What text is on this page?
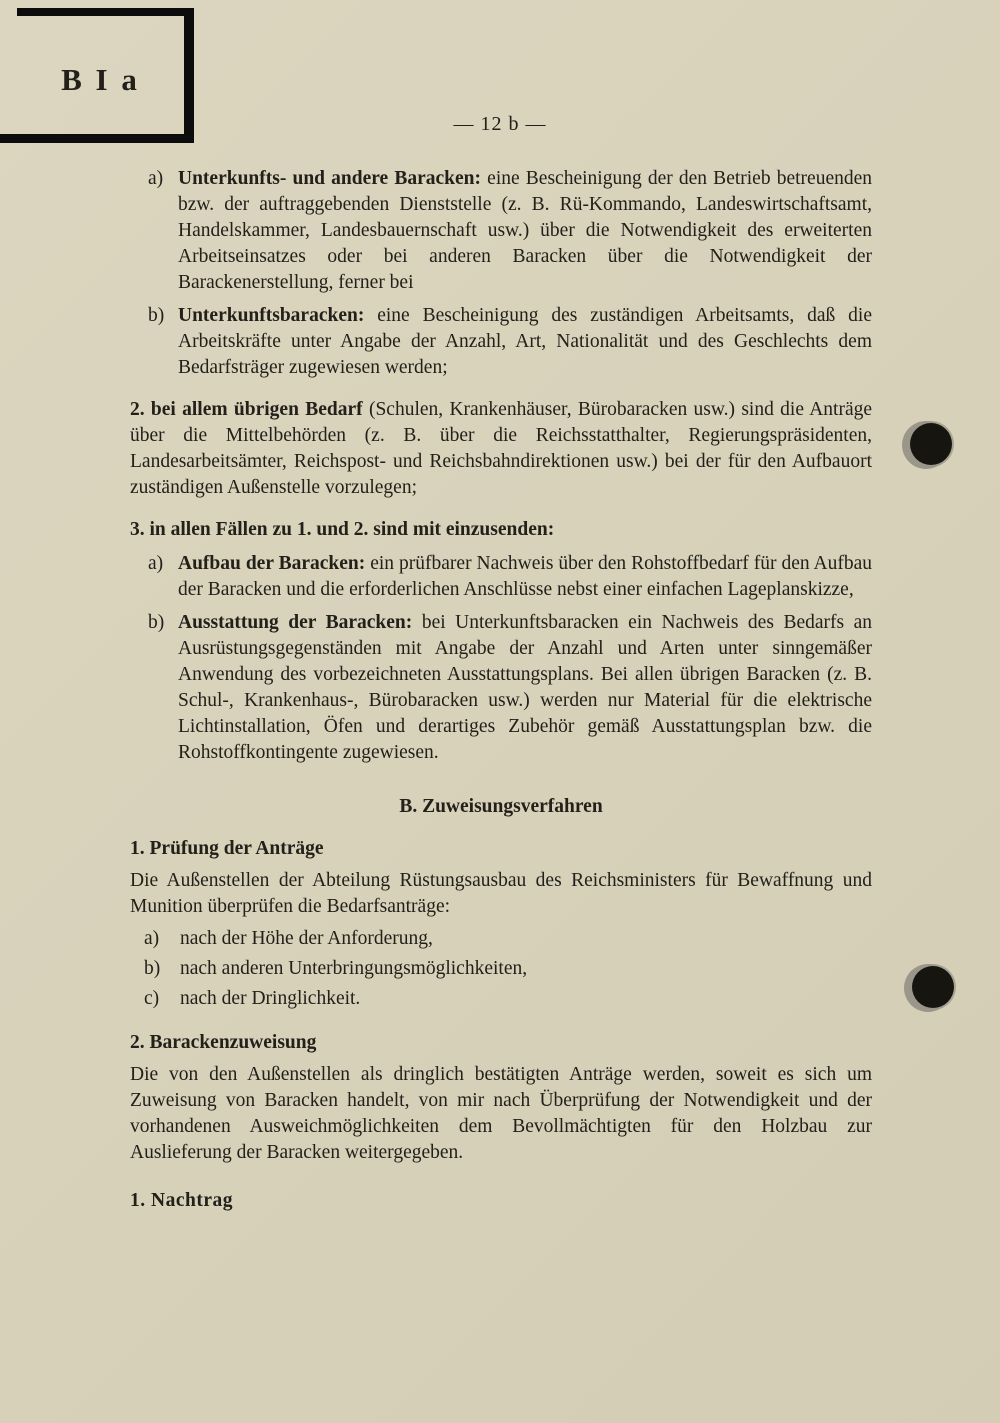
B I a
— 12 b —
a) Unterkunfts- und andere Baracken: eine Bescheinigung der den Betrieb betreuenden bzw. der auftraggebenden Dienststelle (z. B. Rü-Kommando, Landeswirtschaftsamt, Handelskammer, Landesbauernschaft usw.) über die Notwendigkeit des erweiterten Arbeitseinsatzes oder bei anderen Baracken über die Notwendigkeit der Barackenerstellung, ferner bei
b) Unterkunftsbaracken: eine Bescheinigung des zuständigen Arbeitsamts, daß die Arbeitskräfte unter Angabe der Anzahl, Art, Nationalität und des Geschlechts dem Bedarfsträger zugewiesen werden;
2. bei allem übrigen Bedarf (Schulen, Krankenhäuser, Bürobaracken usw.) sind die Anträge über die Mittelbehörden (z. B. über die Reichsstatthalter, Regierungspräsidenten, Landesarbeitsämter, Reichspost- und Reichsbahndirektionen usw.) bei der für den Aufbauort zuständigen Außenstelle vorzulegen;
3. in allen Fällen zu 1. und 2. sind mit einzusenden:
a) Aufbau der Baracken: ein prüfbarer Nachweis über den Rohstoffbedarf für den Aufbau der Baracken und die erforderlichen Anschlüsse nebst einer einfachen Lageplanskizze,
b) Ausstattung der Baracken: bei Unterkunftsbaracken ein Nachweis des Bedarfs an Ausrüstungsgegenständen mit Angabe der Anzahl und Arten unter sinngemäßer Anwendung des vorbezeichneten Ausstattungsplans. Bei allen übrigen Baracken (z. B. Schul-, Krankenhaus-, Bürobaracken usw.) werden nur Material für die elektrische Lichtinstallation, Öfen und derartiges Zubehör gemäß Ausstattungsplan bzw. die Rohstoffkontingente zugewiesen.
B. Zuweisungsverfahren
1. Prüfung der Anträge
Die Außenstellen der Abteilung Rüstungsausbau des Reichsministers für Bewaffnung und Munition überprüfen die Bedarfsanträge:
a) nach der Höhe der Anforderung,
b) nach anderen Unterbringungsmöglichkeiten,
c) nach der Dringlichkeit.
2. Barackenzuweisung
Die von den Außenstellen als dringlich bestätigten Anträge werden, soweit es sich um Zuweisung von Baracken handelt, von mir nach Überprüfung der Notwendigkeit und der vorhandenen Ausweichmöglichkeiten dem Bevollmächtigten für den Holzbau zur Auslieferung der Baracken weitergegeben.
1. Nachtrag
